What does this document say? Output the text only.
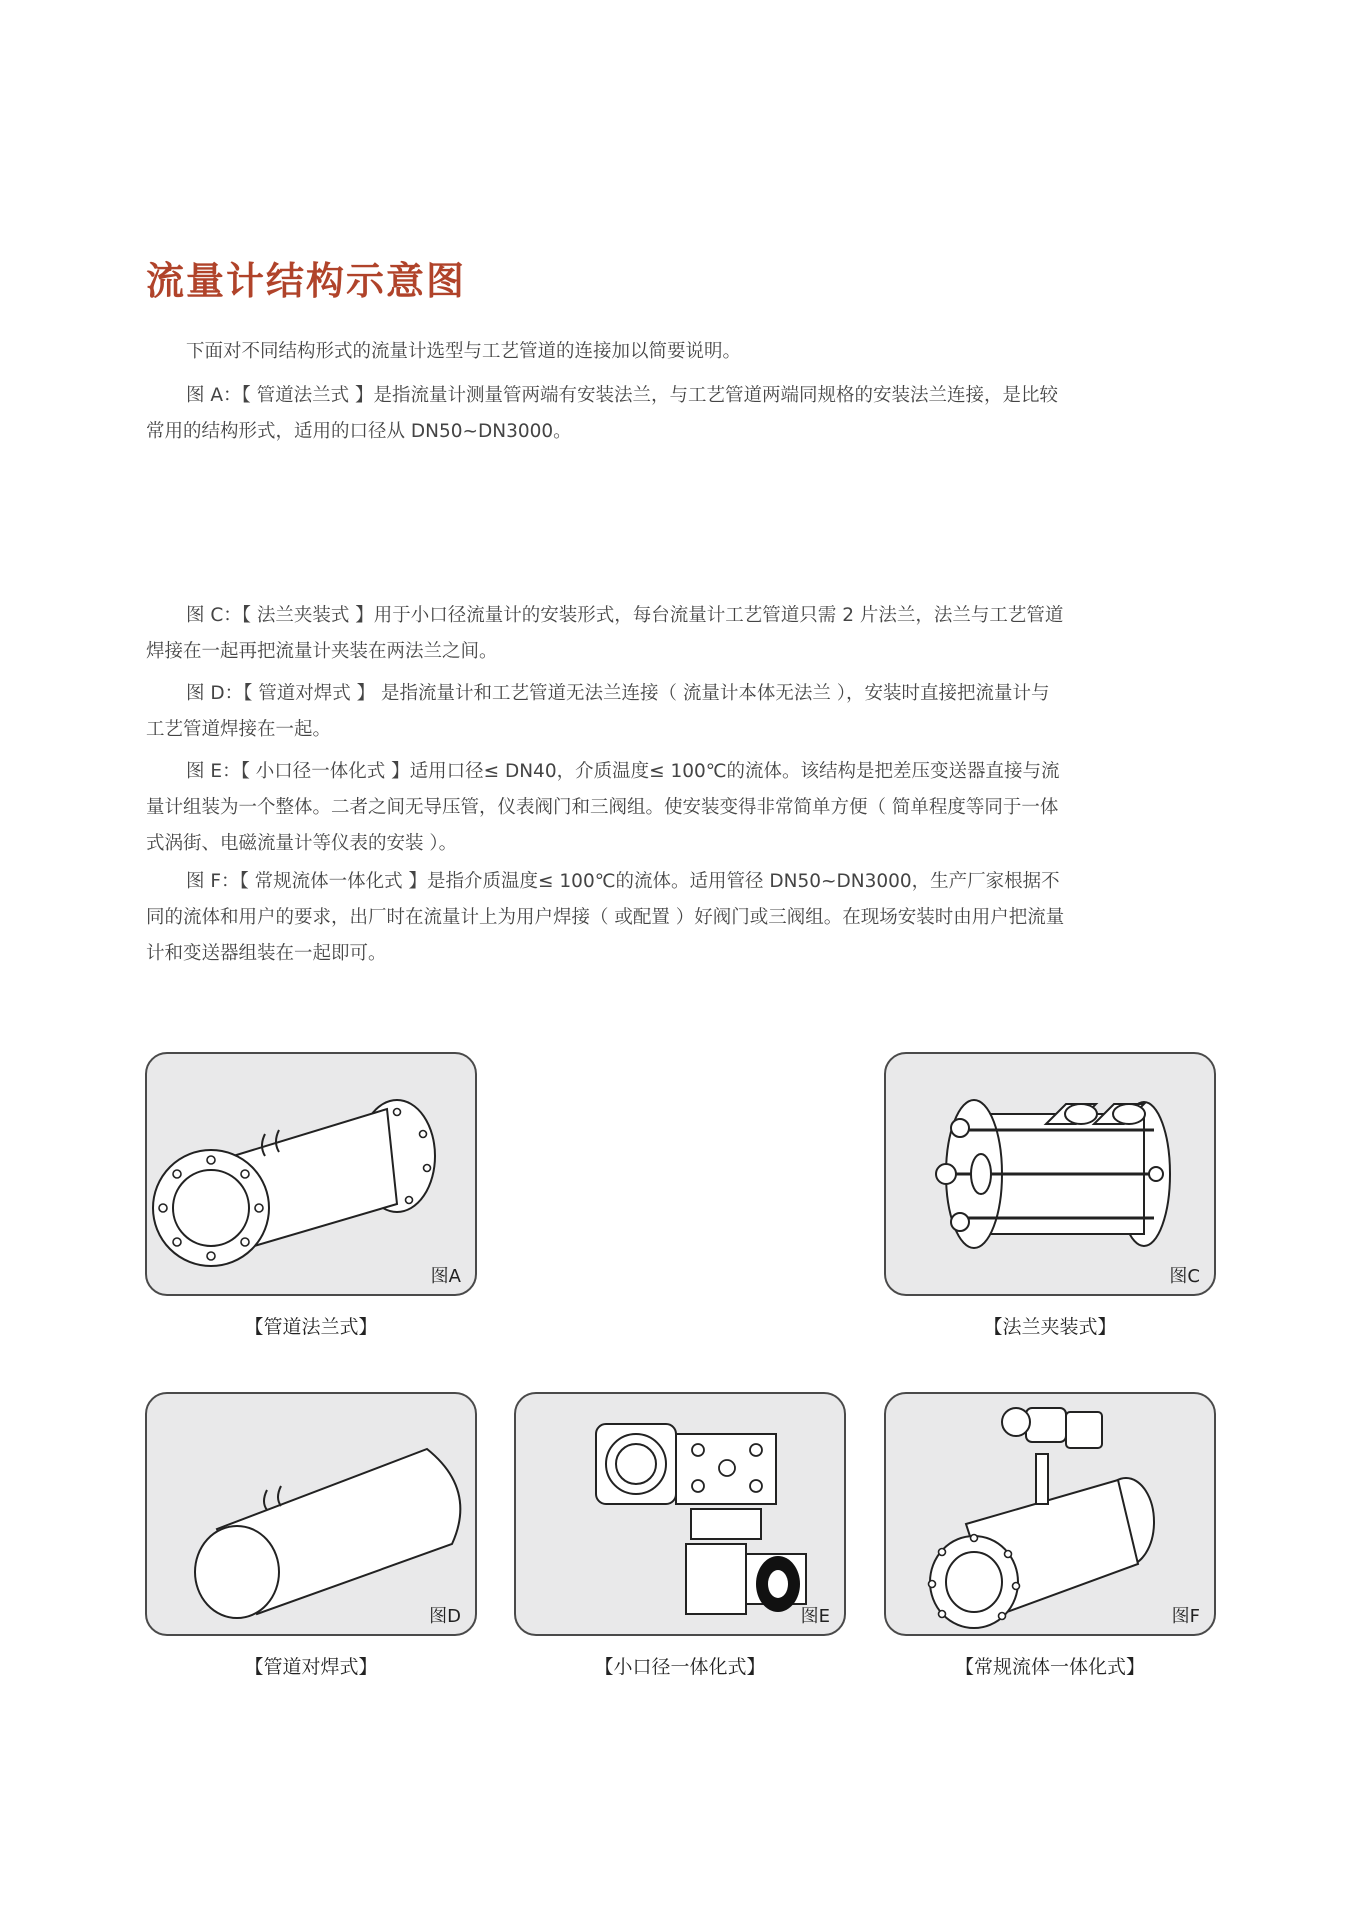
流量计结构示意图

下面对不同结构形式的流量计选型与工艺管道的连接加以简要说明。

图 A：【 管道法兰式 】是指流量计测量管两端有安装法兰，与工艺管道两端同规格的安装法兰连接，是比较常用的结构形式，适用的口径从 DN50~DN3000。

图 C：【 法兰夹装式 】用于小口径流量计的安装形式，每台流量计工艺管道只需 2 片法兰，法兰与工艺管道焊接在一起再把流量计夹装在两法兰之间。

图 D：【 管道对焊式 】 是指流量计和工艺管道无法兰连接（ 流量计本体无法兰 ），安装时直接把流量计与工艺管道焊接在一起。

图 E：【 小口径一体化式 】适用口径≤ DN40，介质温度≤ 100℃的流体。该结构是把差压变送器直接与流量计组装为一个整体。二者之间无导压管，仪表阀门和三阀组。使安装变得非常简单方便（ 简单程度等同于一体式涡街、电磁流量计等仪表的安装 ）。

图 F：【 常规流体一体化式 】是指介质温度≤ 100℃的流体。适用管径 DN50~DN3000，生产厂家根据不同的流体和用户的要求，出厂时在流量计上为用户焊接（ 或配置 ）好阀门或三阀组。在现场安装时由用户把流量计和变送器组装在一起即可。

图A
【管道法兰式】
图C
【法兰夹装式】
图D
【管道对焊式】
图E
【小口径一体化式】
图F
【常规流体一体化式】
